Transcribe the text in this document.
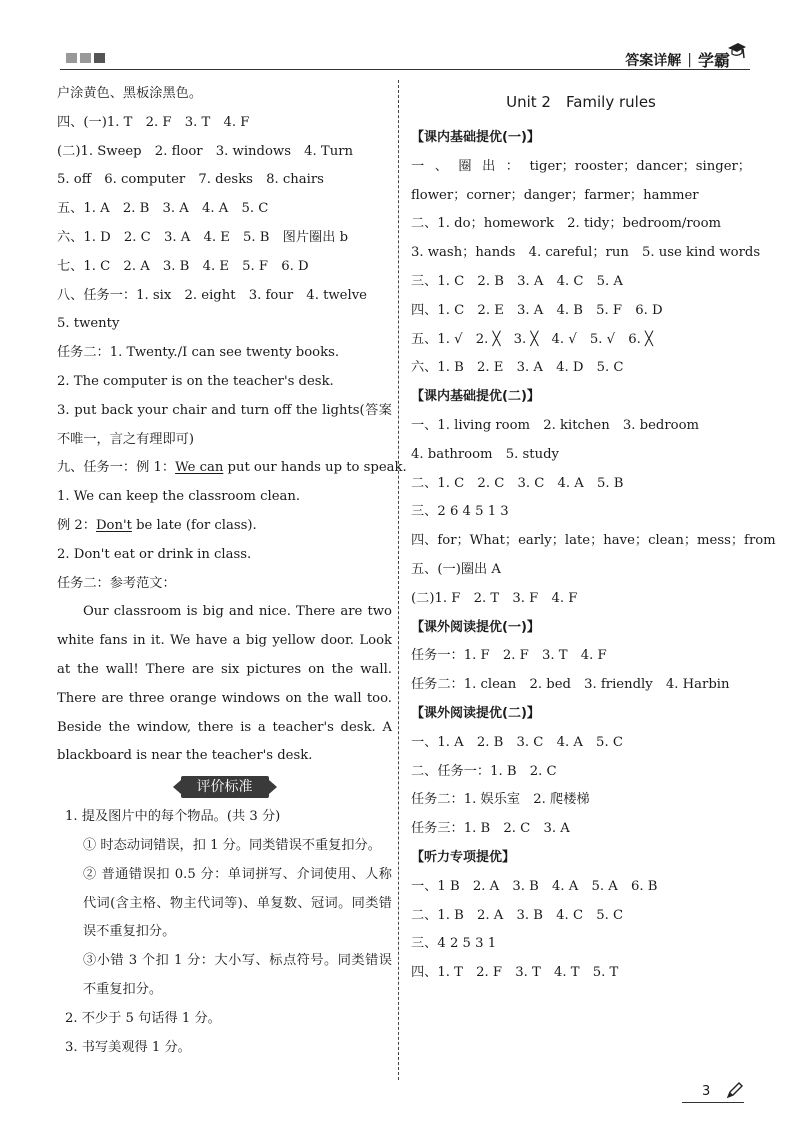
答案详解 | 学霸
户涂黄色、黑板涂黑色。
四、(一)1. T　2. F　3. T　4. F
(二)1. Sweep　2. floor　3. windows　4. Turn
5. off　6. computer　7. desks　8. chairs
五、1. A　2. B　3. A　4. A　5. C
六、1. D　2. C　3. A　4. E　5. B　图片圈出 b
七、1. C　2. A　3. B　4. E　5. F　6. D
八、任务一：1. six　2. eight　3. four　4. twelve
5. twenty
任务二：1. Twenty./I can see twenty books.
2. The computer is on the teacher's desk.
3. put back your chair and turn off the lights(答案不唯一，言之有理即可)
九、任务一：例 1：We can put our hands up to speak.
1. We can keep the classroom clean.
例 2：Don't be late (for class).
2. Don't eat or drink in class.
任务二：参考范文：
Our classroom is big and nice. There are two white fans in it. We have a big yellow door. Look at the wall! There are six pictures on the wall. There are three orange windows on the wall too. Beside the window, there is a teacher's desk. A blackboard is near the teacher's desk.
评价标准
1. 提及图片中的每个物品。(共 3 分)
① 时态动词错误，扣 1 分。同类错误不重复扣分。
② 普通错误扣 0.5 分：单词拼写、介词使用、人称代词(含主格、物主代词等)、单复数、冠词。同类错误不重复扣分。
③小错 3 个扣 1 分：大小写、标点符号。同类错误不重复扣分。
2. 不少于 5 句话得 1 分。
3. 书写美观得 1 分。
Unit 2　Family rules
【课内基础提优(一)】
一、圈出：tiger；rooster；dancer；singer；flower；corner；danger；farmer；hammer
二、1. do；homework　2. tidy；bedroom/room
3. wash；hands　4. careful；run　5. use kind words
三、1. C　2. B　3. A　4. C　5. A
四、1. C　2. E　3. A　4. B　5. F　6. D
五、1. √　2. ╳　3. ╳　4. √　5. √　6. ╳
六、1. B　2. E　3. A　4. D　5. C
【课内基础提优(二)】
一、1. living room　2. kitchen　3. bedroom
4. bathroom　5. study
二、1. C　2. C　3. C　4. A　5. B
三、2 6 4 5 1 3
四、for；What；early；late；have；clean；mess；from
五、(一)圈出 A
(二)1. F　2. T　3. F　4. F
【课外阅读提优(一)】
任务一：1. F　2. F　3. T　4. F
任务二：1. clean　2. bed　3. friendly　4. Harbin
【课外阅读提优(二)】
一、1. A　2. B　3. C　4. A　5. C
二、任务一：1. B　2. C
任务二：1. 娱乐室　2. 爬楼梯
任务三：1. B　2. C　3. A
【听力专项提优】
一、1 B　2. A　3. B　4. A　5. A　6. B
二、1. B　2. A　3. B　4. C　5. C
三、4 2 5 3 1
四、1. T　2. F　3. T　4. T　5. T
3
